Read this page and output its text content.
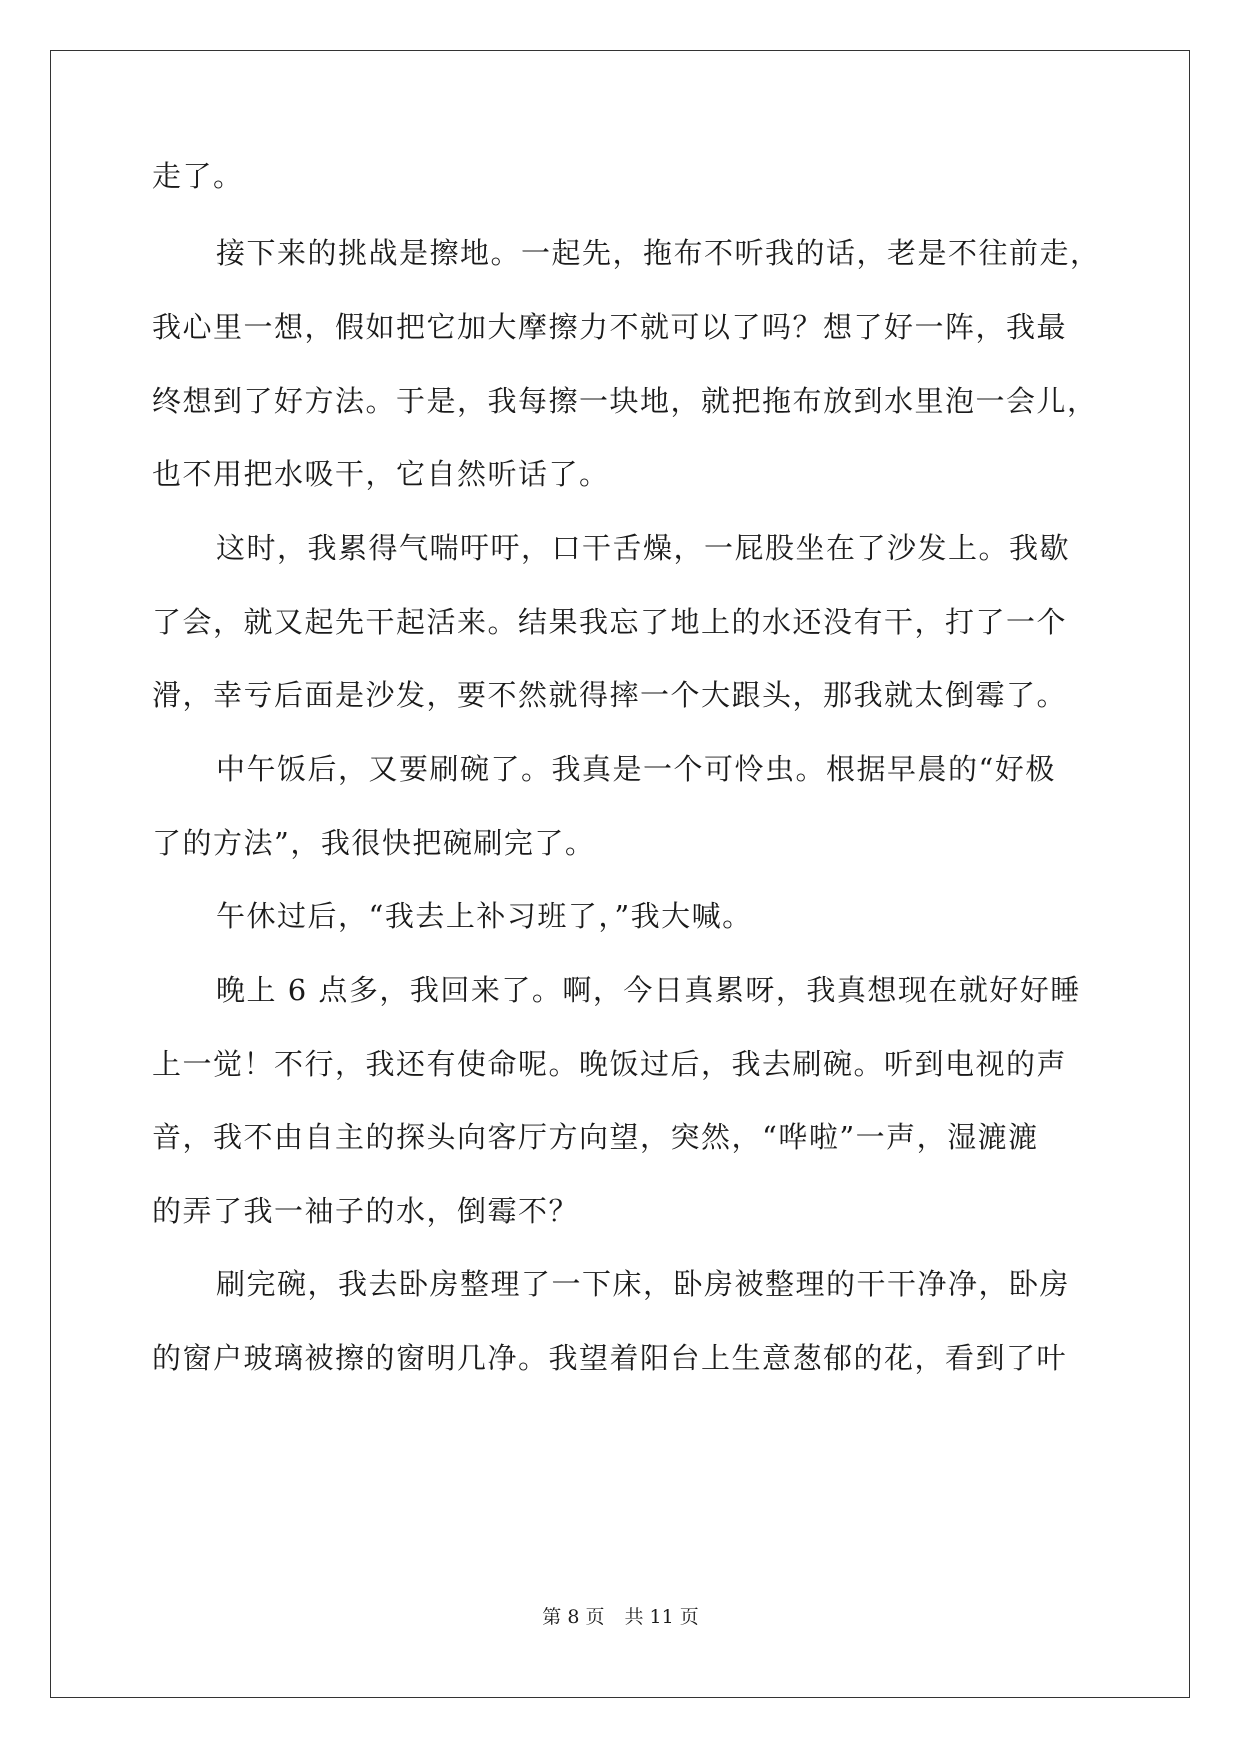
走了。
接下来的挑战是擦地。一起先，拖布不听我的话，老是不往前走，
我心里一想，假如把它加大摩擦力不就可以了吗？想了好一阵，我最
终想到了好方法。于是，我每擦一块地，就把拖布放到水里泡一会儿，
也不用把水吸干，它自然听话了。
这时，我累得气喘吁吁，口干舌燥，一屁股坐在了沙发上。我歇
了会，就又起先干起活来。结果我忘了地上的水还没有干，打了一个
滑，幸亏后面是沙发，要不然就得摔一个大跟头，那我就太倒霉了。
中午饭后，又要刷碗了。我真是一个可怜虫。根据早晨的“好极
了的方法”，我很快把碗刷完了。
午休过后，“我去上补习班了，”我大喊。
晚上 6 点多，我回来了。啊，今日真累呀，我真想现在就好好睡
上一觉！不行，我还有使命呢。晚饭过后，我去刷碗。听到电视的声
音，我不由自主的探头向客厅方向望，突然，“哗啦”一声，湿漉漉
的弄了我一袖子的水，倒霉不？
刷完碗，我去卧房整理了一下床，卧房被整理的干干净净，卧房
的窗户玻璃被擦的窗明几净。我望着阳台上生意葱郁的花，看到了叶
第 8 页 共 11 页
